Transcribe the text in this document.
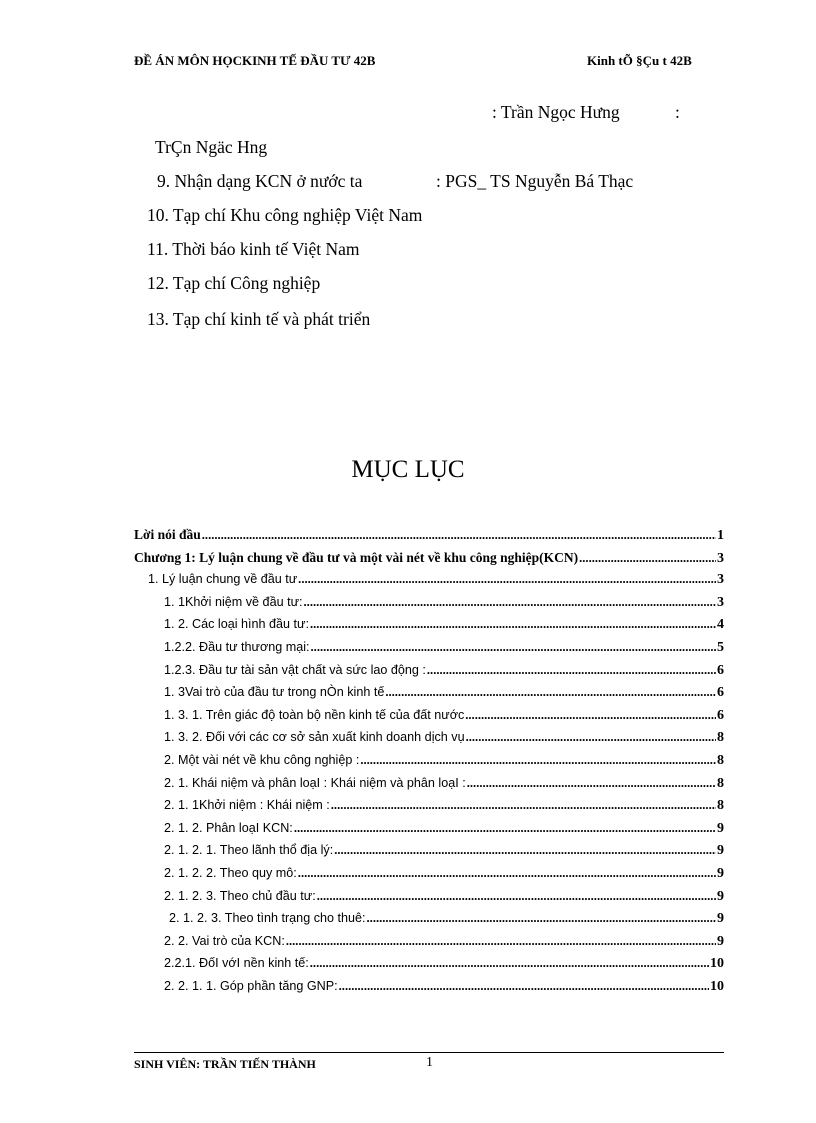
ĐỀ ÁN MÔN HỌCKINH TẾ ĐẦU TƯ 42B	Kinh tÕ §Çu t 42B
: Trần Ngọc Hưng	:
TrÇn Ngäc Hng
9. Nhận dạng KCN ở nước ta	: PGS_ TS Nguyễn Bá Thạc
10. Tạp chí Khu công nghiệp Việt Nam
11. Thời báo kinh tế Việt Nam
12. Tạp chí Công nghiệp
13. Tạp chí kinh tế và phát triển
MỤC LỤC
Lời nói đầu .....	1
Chương 1: Lý luận chung về đầu tư và một vài nét về khu công nghiệp(KCN) .....	3
1. Lý luận chung về đầu tư .....	3
1. 1Khởi niệm về đầu tư: .....	3
1. 2. Các loại hình đầu tư: .....	4
1.2.2. Đầu tư thương mại: .....	5
1.2.3. Đầu tư tài sản vật chất và sức lao động : .....	6
1. 3Vai trò của đầu tư trong nÒn kinh tế .....	6
1. 3. 1. Trên giác độ toàn bộ nền kinh tế của đất nước .....	6
1. 3. 2. Đối với các cơ sở sản xuất kinh doanh dịch vụ .....	8
2. Một vài nét về khu công nghiệp : .....	8
2. 1. Khái niệm và phân loạI : Khái niệm và phân loạI : .....	8
2. 1. 1Khởi niệm : Khái niệm : .....	8
2. 1. 2. Phân loạI KCN: .....	9
2. 1. 2. 1. Theo lãnh thổ địa lý: .....	9
2. 1. 2. 2. Theo quy mô: .....	9
2. 1. 2. 3. Theo chủ đầu tư: .....	9
2. 1. 2. 3. Theo tình trạng cho thuê: .....	9
2. 2. Vai trò của KCN: .....	9
2.2.1. ĐốI vớI nền kinh tế: .....	10
2. 2. 1. 1. Góp phần tăng GNP: .....	10
SINH VIÊN: TRẦN TIẾN THÀNH	1
